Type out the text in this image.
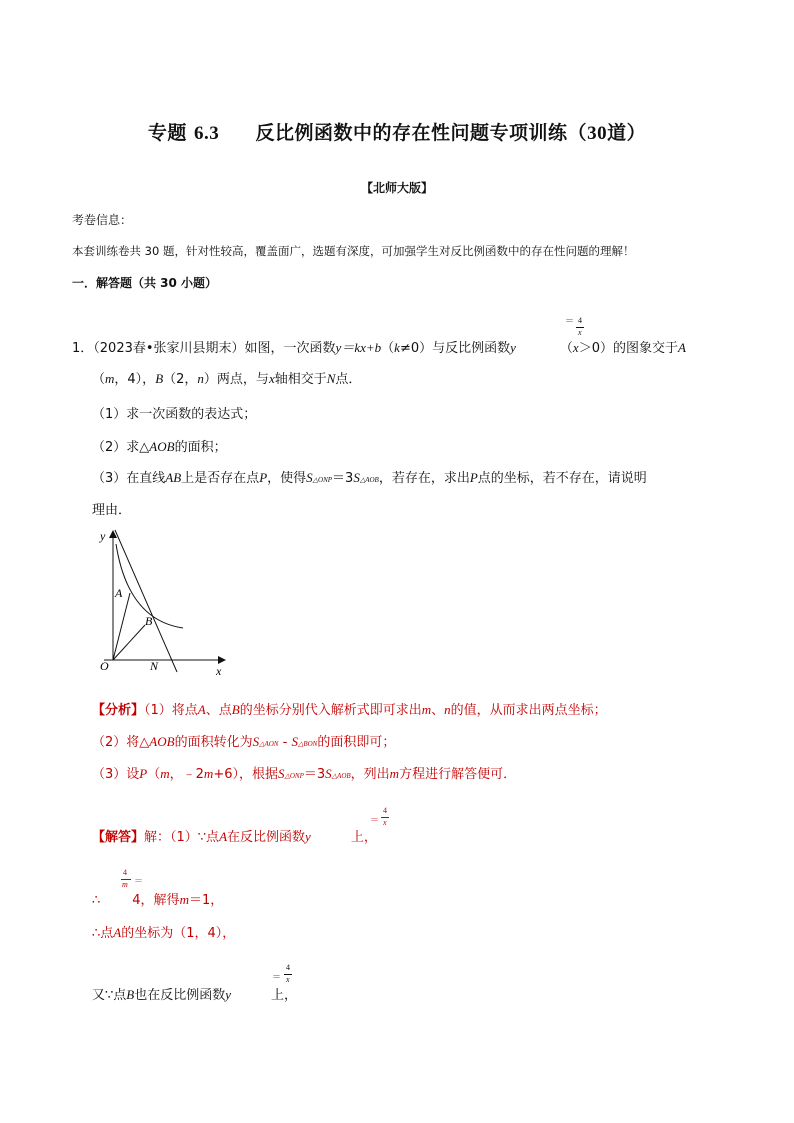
专题 6.3 反比例函数中的存在性问题专项训练（30道）
【北师大版】
考卷信息：
本套训练卷共 30 题，针对性较高，覆盖面广，选题有深度，可加强学生对反比例函数中的存在性问题的理解！
一．解答题（共 30 小题）
1．（2023春•张家川县期末）如图，一次函数y＝kx+b（k≠0）与反比例函数y	（x＞0）的图象交于A
＝ 4
x
（m，4），B（2，n）两点，与x轴相交于N点．
（1）求一次函数的表达式；
（2）求△AOB的面积；
（3）在直线AB上是否存在点P，使得S△ONP＝3S△AOB，若存在，求出P点的坐标，若不存在，请说明
理由．
y
x
O
A
B
N
【分析】（1）将点A、点B的坐标分别代入解析式即可求出m、n的值，从而求出两点坐标；
（2）将△AOB的面积转化为S△AON - S△BON的面积即可；
（3）设P（m，﹣2m+6），根据S△ONP＝3S△AOB，列出m方程进行解答便可．
【解答】解：（1）∵点A在反比例函数y	上，
＝
4
x
∴ 4，解得m＝1，
4
m ＝
∴点A的坐标为（1，4），
又∵点B也在反比例函数y	上，
＝
4
x
